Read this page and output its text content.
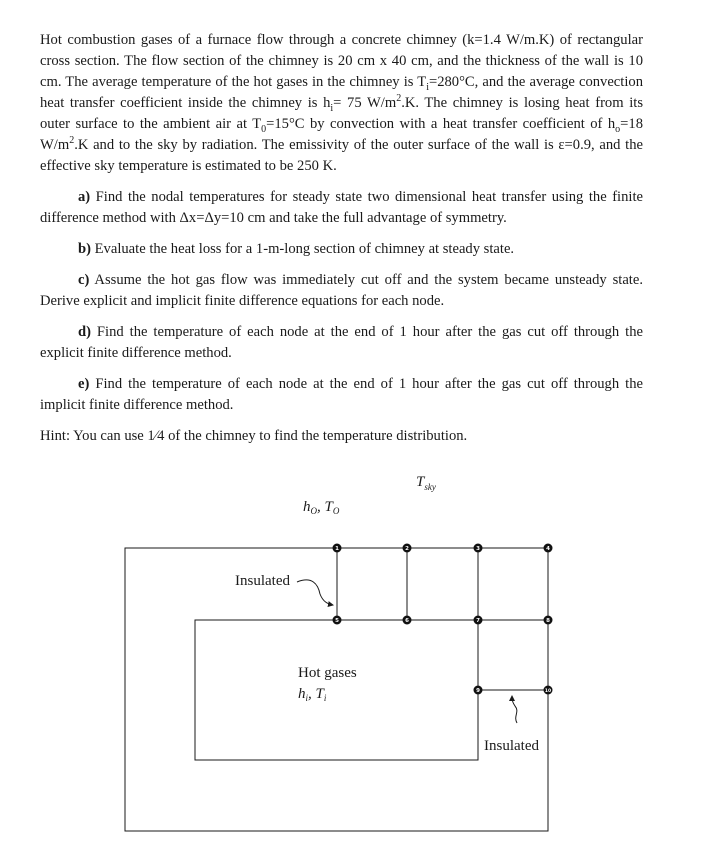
Hot combustion gases of a furnace flow through a concrete chimney (k=1.4 W/m.K) of rectangular cross section. The flow section of the chimney is 20 cm x 40 cm, and the thickness of the wall is 10 cm. The average temperature of the hot gases in the chimney is $T_i=280^\circ C$, and the average convection heat transfer coefficient inside the chimney is $h_i= 75$ $W/m^2.K$. The chimney is losing heat from its outer surface to the ambient air at $T_0=15^\circ C$ by convection with a heat transfer coefficient of $h_o=18$ $W/m^2.K$ and to the sky by radiation. The emissivity of the outer surface of the wall is ε=0.9, and the effective sky temperature is estimated to be 250 K.

a) Find the nodal temperatures for steady state two dimensional heat transfer using the finite difference method with Δx=Δy=10 cm and take the full advantage of symmetry.

b) Evaluate the heat loss for a 1-m-long section of chimney at steady state.

c) Assume the hot gas flow was immediately cut off and the system became unsteady state. Derive explicit and implicit finite difference equations for each node.

d) Find the temperature of each node at the end of 1 hour after the gas cut off through the explicit finite difference method.

e) Find the temperature of each node at the end of 1 hour after the gas cut off through the implicit finite difference method.

Hint: You can use 1⁄4 of the chimney to find the temperature distribution.

1	2	3	4
5	6	7	8
9	10
$T_{sky}$
$h_O$, $T_O$
Insulated
Hot gases
$h_i$, $T_i$
Insulated
